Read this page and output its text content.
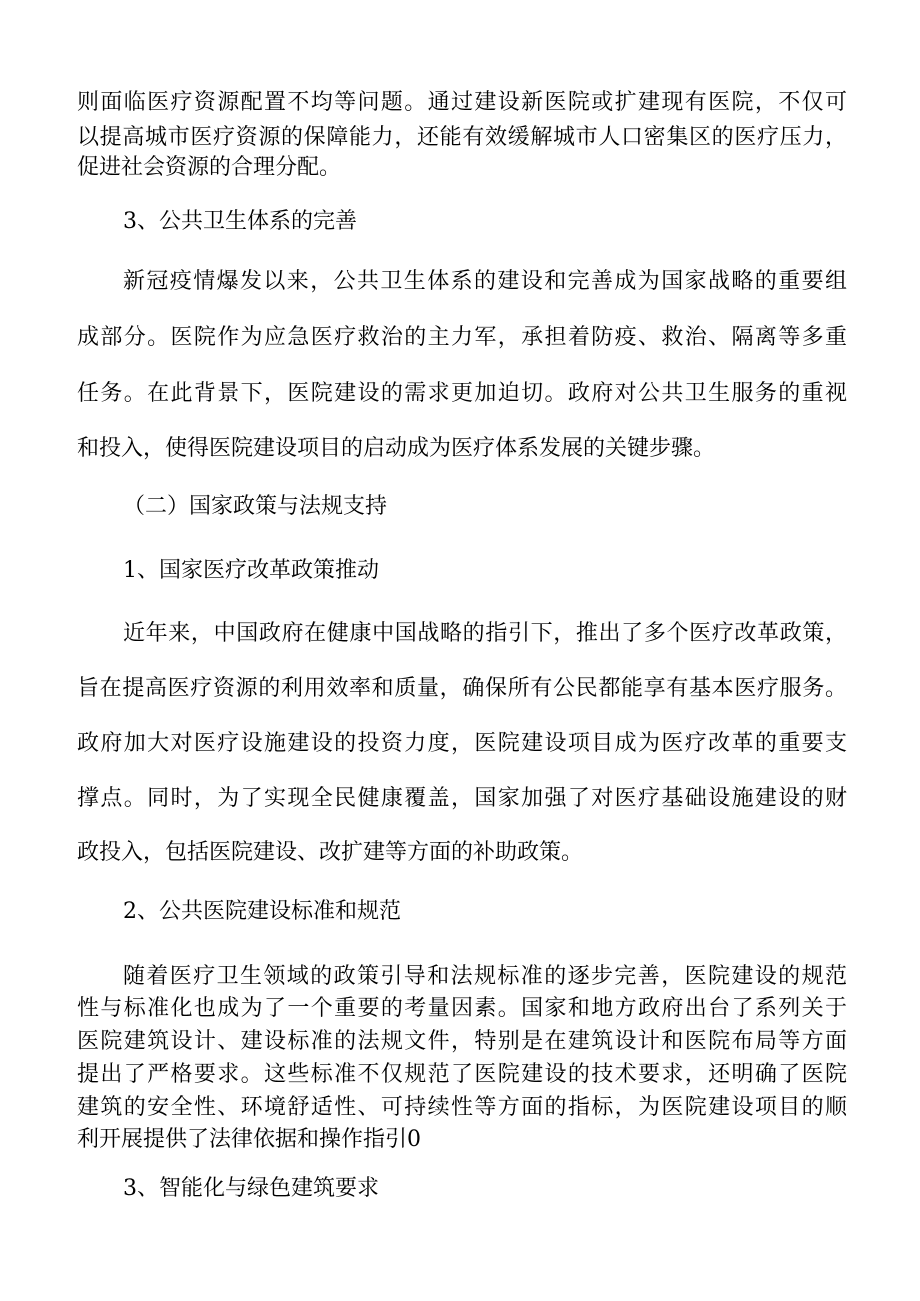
则面临医疗资源配置不均等问题。通过建设新医院或扩建现有医院，不仅可
以提高城市医疗资源的保障能力，还能有效缓解城市人口密集区的医疗压力，
促进社会资源的合理分配。
3、公共卫生体系的完善
新冠疫情爆发以来，公共卫生体系的建设和完善成为国家战略的重要组
成部分。医院作为应急医疗救治的主力军，承担着防疫、救治、隔离等多重
任务。在此背景下，医院建设的需求更加迫切。政府对公共卫生服务的重视
和投入，使得医院建设项目的启动成为医疗体系发展的关键步骤。
（二）国家政策与法规支持
1、国家医疗改革政策推动
近年来，中国政府在健康中国战略的指引下，推出了多个医疗改革政策，
旨在提高医疗资源的利用效率和质量，确保所有公民都能享有基本医疗服务。
政府加大对医疗设施建设的投资力度，医院建设项目成为医疗改革的重要支
撑点。同时，为了实现全民健康覆盖，国家加强了对医疗基础设施建设的财
政投入，包括医院建设、改扩建等方面的补助政策。
2、公共医院建设标准和规范
随着医疗卫生领域的政策引导和法规标准的逐步完善，医院建设的规范
性与标准化也成为了一个重要的考量因素。国家和地方政府出台了系列关于
医院建筑设计、建设标准的法规文件，特别是在建筑设计和医院布局等方面
提出了严格要求。这些标准不仅规范了医院建设的技术要求，还明确了医院
建筑的安全性、环境舒适性、可持续性等方面的指标，为医院建设项目的顺
利开展提供了法律依据和操作指引0
3、智能化与绿色建筑要求
